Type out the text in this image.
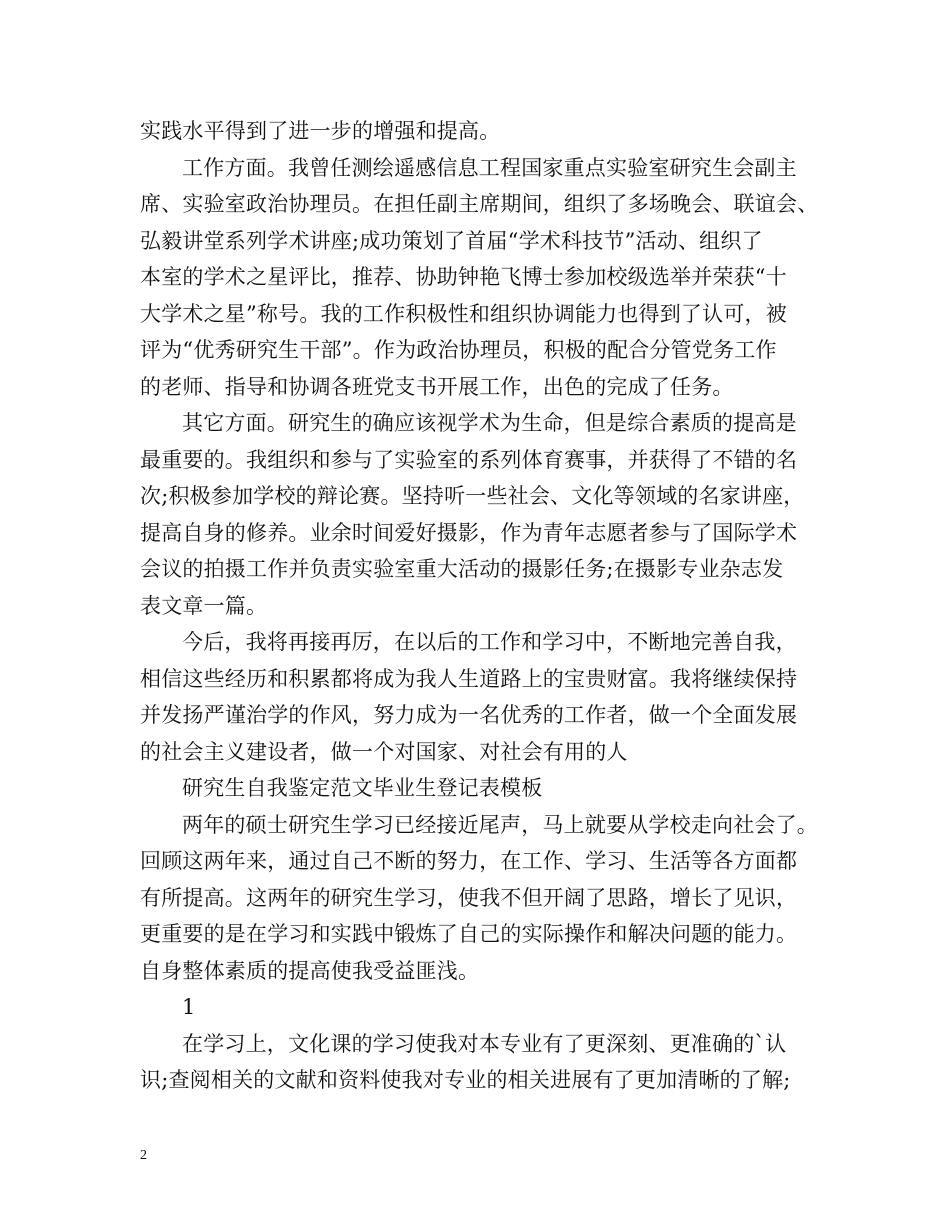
实践水平得到了进一步的增强和提高。
工作方面。我曾任测绘遥感信息工程国家重点实验室研究生会副主
席、实验室政治协理员。在担任副主席期间，组织了多场晚会、联谊会、
弘毅讲堂系列学术讲座;成功策划了首届“学术科技节”活动、组织了
本室的学术之星评比，推荐、协助钟艳飞博士参加校级选举并荣获“十
大学术之星”称号。我的工作积极性和组织协调能力也得到了认可，被
评为“优秀研究生干部”。作为政治协理员，积极的配合分管党务工作
的老师、指导和协调各班党支书开展工作，出色的完成了任务。
其它方面。研究生的确应该视学术为生命，但是综合素质的提高是
最重要的。我组织和参与了实验室的系列体育赛事，并获得了不错的名
次;积极参加学校的辩论赛。坚持听一些社会、文化等领域的名家讲座，
提高自身的修养。业余时间爱好摄影，作为青年志愿者参与了国际学术
会议的拍摄工作并负责实验室重大活动的摄影任务;在摄影专业杂志发
表文章一篇。
今后，我将再接再厉，在以后的工作和学习中，不断地完善自我，
相信这些经历和积累都将成为我人生道路上的宝贵财富。我将继续保持
并发扬严谨治学的作风，努力成为一名优秀的工作者，做一个全面发展
的社会主义建设者，做一个对国家、对社会有用的人
研究生自我鉴定范文毕业生登记表模板
两年的硕士研究生学习已经接近尾声，马上就要从学校走向社会了。
回顾这两年来，通过自己不断的努力，在工作、学习、生活等各方面都
有所提高。这两年的研究生学习，使我不但开阔了思路，增长了见识，
更重要的是在学习和实践中锻炼了自己的实际操作和解决问题的能力。
自身整体素质的提高使我受益匪浅。
1
在学习上，文化课的学习使我对本专业有了更深刻、更准确的`认
识;查阅相关的文献和资料使我对专业的相关进展有了更加清晰的了解;
2
